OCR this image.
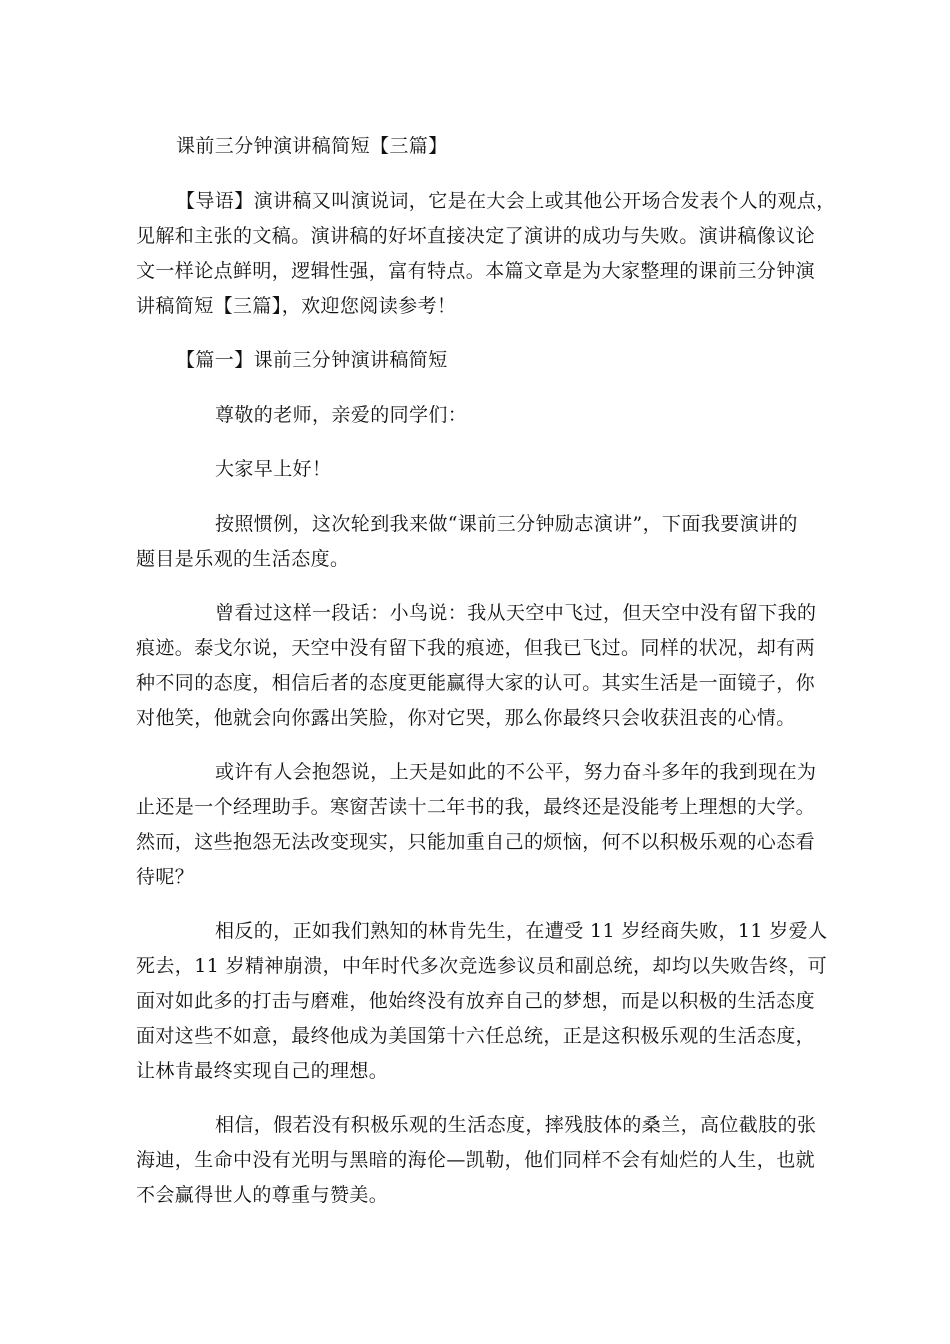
课前三分钟演讲稿简短【三篇】

【导语】演讲稿又叫演说词，它是在大会上或其他公开场合发表个人的观点，

见解和主张的文稿。演讲稿的好坏直接决定了演讲的成功与失败。演讲稿像议论

文一样论点鲜明，逻辑性强，富有特点。本篇文章是为大家整理的课前三分钟演

讲稿简短【三篇】，欢迎您阅读参考！

【篇一】课前三分钟演讲稿简短

尊敬的老师，亲爱的同学们：

大家早上好！

按照惯例，这次轮到我来做“课前三分钟励志演讲”，下面我要演讲的

题目是乐观的生活态度。

曾看过这样一段话：小鸟说：我从天空中飞过，但天空中没有留下我的

痕迹。泰戈尔说，天空中没有留下我的痕迹，但我已飞过。同样的状况，却有两

种不同的态度，相信后者的态度更能赢得大家的认可。其实生活是一面镜子，你

对他笑，他就会向你露出笑脸，你对它哭，那么你最终只会收获沮丧的心情。

或许有人会抱怨说，上天是如此的不公平，努力奋斗多年的我到现在为

止还是一个经理助手。寒窗苦读十二年书的我，最终还是没能考上理想的大学。

然而，这些抱怨无法改变现实，只能加重自己的烦恼，何不以积极乐观的心态看

待呢？

相反的，正如我们熟知的林肯先生，在遭受 11 岁经商失败，11 岁爱人

死去，11 岁精神崩溃，中年时代多次竞选参议员和副总统，却均以失败告终，可

面对如此多的打击与磨难，他始终没有放弃自己的梦想，而是以积极的生活态度

面对这些不如意，最终他成为美国第十六任总统，正是这积极乐观的生活态度，

让林肯最终实现自己的理想。

相信，假若没有积极乐观的生活态度，摔残肢体的桑兰，高位截肢的张

海迪，生命中没有光明与黑暗的海伦—凯勒，他们同样不会有灿烂的人生，也就

不会赢得世人的尊重与赞美。
